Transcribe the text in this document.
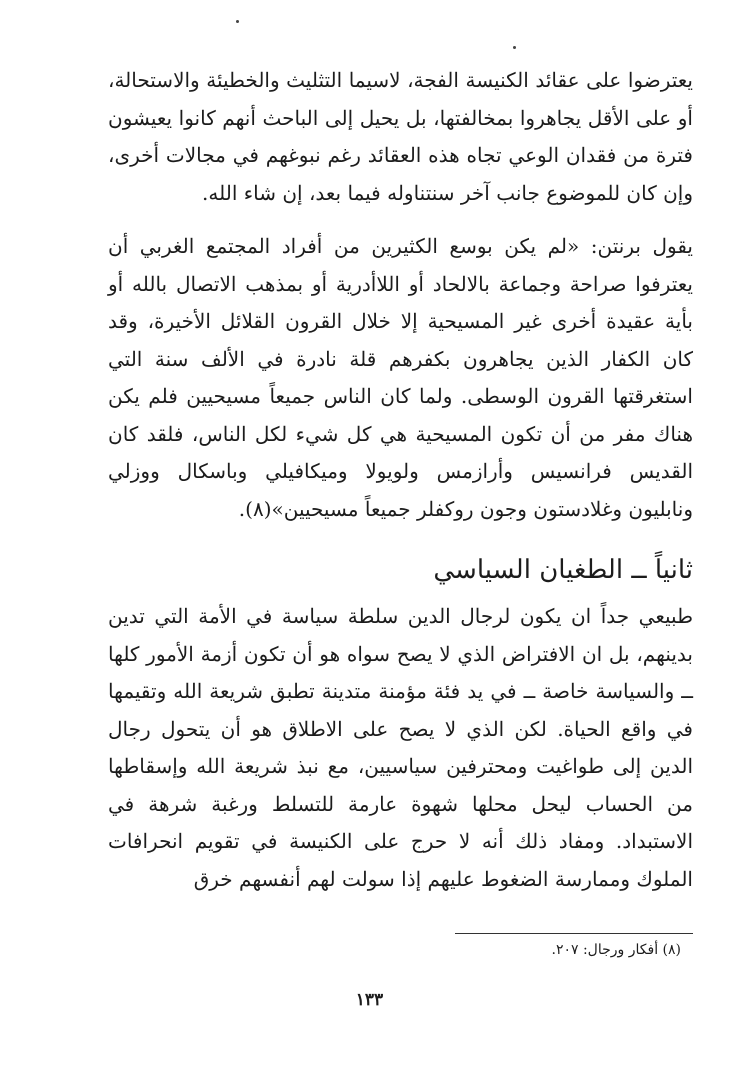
يعترضوا على عقائد الكنيسة الفجة، لاسيما التثليث والخطيئة والاستحالة، أو على الأقل يجاهروا بمخالفتها، بل يحيل إلى الباحث أنهم كانوا يعيشون فترة من فقدان الوعي تجاه هذه العقائد رغم نبوغهم في مجالات أخرى، وإن كان للموضوع جانب آخر سنتناوله فيما بعد، إن شاء الله.

يقول برنتن: «لم يكن بوسع الكثيرين من أفراد المجتمع الغربي أن يعترفوا صراحة وجماعة بالالحاد أو اللاأدرية أو بمذهب الاتصال بالله أو بأية عقيدة أخرى غير المسيحية إلا خلال القرون القلائل الأخيرة، وقد كان الكفار الذين يجاهرون بكفرهم قلة نادرة في الألف سنة التي استغرقتها القرون الوسطى. ولما كان الناس جميعاً مسيحيين فلم يكن هناك مفر من أن تكون المسيحية هي كل شيء لكل الناس، فلقد كان القديس فرانسيس وأرازمس ولويولا وميكافيلي وباسكال ووزلي ونابليون وغلادستون وجون روكفلر جميعاً مسيحيين»(٨).

ثانياً ــ الطغيان السياسي

طبيعي جداً ان يكون لرجال الدين سلطة سياسة في الأمة التي تدين بدينهم، بل ان الافتراض الذي لا يصح سواه هو أن تكون أزمة الأمور كلها ــ والسياسة خاصة ــ في يد فئة مؤمنة متدينة تطبق شريعة الله وتقيمها في واقع الحياة. لكن الذي لا يصح على الاطلاق هو أن يتحول رجال الدين إلى طواغيت ومحترفين سياسيين، مع نبذ شريعة الله وإسقاطها من الحساب ليحل محلها شهوة عارمة للتسلط ورغبة شرهة في الاستبداد. ومفاد ذلك أنه لا حرج على الكنيسة في تقويم انحرافات الملوك وممارسة الضغوط عليهم إذا سولت لهم أنفسهم خرق

(٨) أفكار ورجال: ٢٠٧.
١٣٣
